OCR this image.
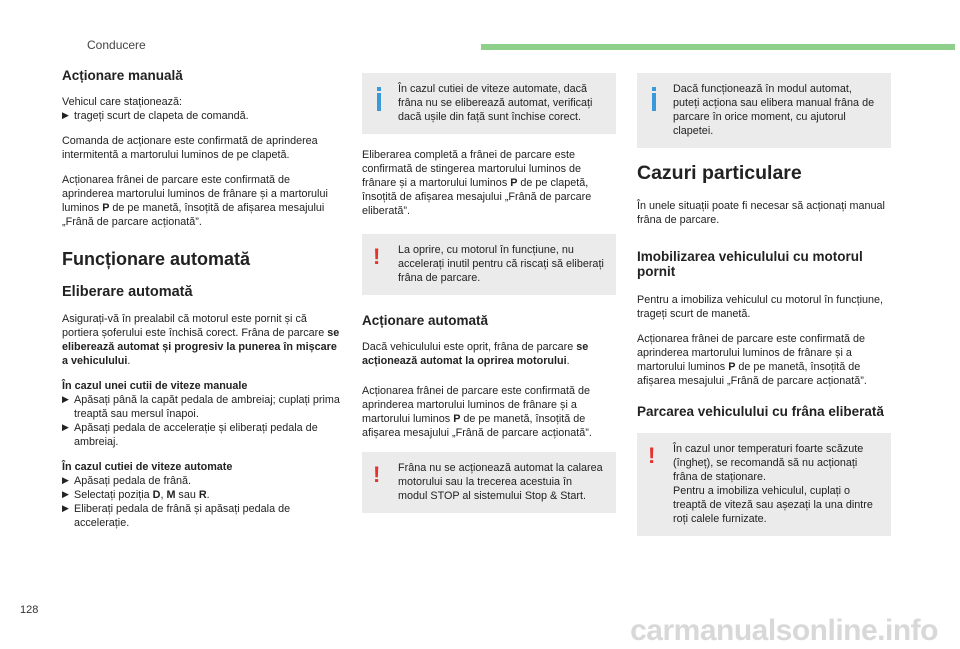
Conducere
Acționare manuală

Vehicul care staționează:

▶ trageți scurt de clapeta de comandă.

Comanda de acționare este confirmată de aprinderea intermitentă a martorului luminos de pe clapetă.

Acționarea frânei de parcare este confirmată de aprinderea martorului luminos de frânare și a martorului luminos P de pe manetă, însoțită de afișarea mesajului „Frână de parcare acționată”.

Funcționare automată
Eliberare automată

Asigurați-vă în prealabil că motorul este pornit și că portiera șoferului este închisă corect. Frâna de parcare se eliberează automat și progresiv la punerea în mișcare a vehiculului.

În cazul unei cutii de viteze manuale

▶ Apăsați până la capăt pedala de ambreiaj; cuplați prima treaptă sau mersul înapoi.

▶ Apăsați pedala de accelerație și eliberați pedala de ambreiaj.

În cazul cutiei de viteze automate

▶ Apăsați pedala de frână.

▶ Selectați poziția D, M sau R.

▶ Eliberați pedala de frână și apăsați pedala de accelerație.

În cazul cutiei de viteze automate, dacă frâna nu se eliberează automat, verificați dacă ușile din față sunt închise corect.

Eliberarea completă a frânei de parcare este confirmată de stingerea martorului luminos de frânare și a martorului luminos P de pe clapetă, însoțită de afișarea mesajului „Frână de parcare eliberată”.

! La oprire, cu motorul în funcțiune, nu accelerați inutil pentru că riscați să eliberați frâna de parcare.

Acționare automată

Dacă vehiculului este oprit, frâna de parcare se acționează automat la oprirea motorului.

Acționarea frânei de parcare este confirmată de aprinderea martorului luminos de frânare și a martorului luminos P de pe manetă, însoțită de afișarea mesajului „Frână de parcare acționată”.

! Frâna nu se acționează automat la calarea motorului sau la trecerea acestuia în modul STOP al sistemului Stop & Start.

Dacă funcționează în modul automat, puteți acționa sau elibera manual frâna de parcare în orice moment, cu ajutorul clapetei.

Cazuri particulare

În unele situații poate fi necesar să acționați manual frâna de parcare.

Imobilizarea vehiculului cu motorul pornit

Pentru a imobiliza vehiculul cu motorul în funcțiune, trageți scurt de manetă.

Acționarea frânei de parcare este confirmată de aprinderea martorului luminos de frânare și a martorului luminos P de pe manetă, însoțită de afișarea mesajului „Frână de parcare acționată”.

Parcarea vehiculului cu frâna eliberată
! În cazul unor temperaturi foarte scăzute (îngheț), se recomandă să nu acționați frâna de staționare.

Pentru a imobiliza vehiculul, cuplați o treaptă de viteză sau așezați la una dintre roți calele furnizate.

128
carmanualsonline.info
